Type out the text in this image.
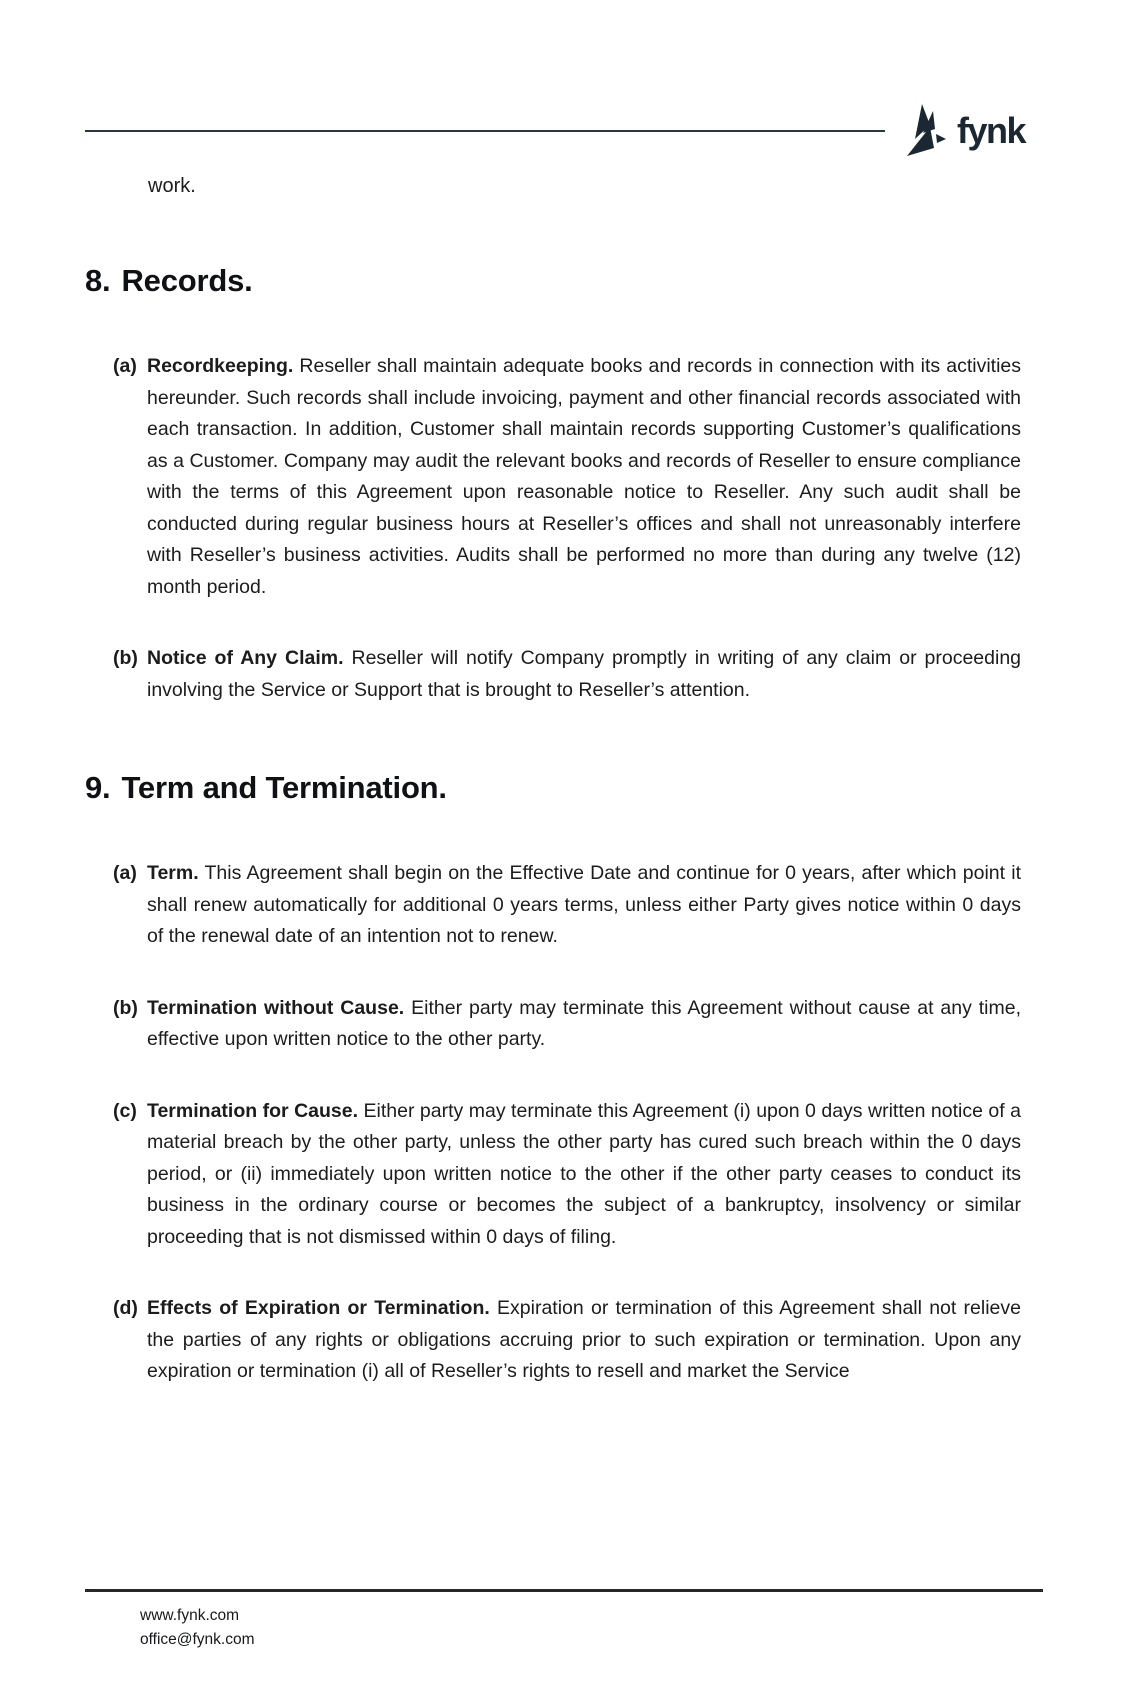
fynk

work.

8. Records.
(a) Recordkeeping. Reseller shall maintain adequate books and records in connection with its activities hereunder. Such records shall include invoicing, payment and other financial records associated with each transaction. In addition, Customer shall maintain records supporting Customer’s qualifications as a Customer. Company may audit the relevant books and records of Reseller to ensure compliance with the terms of this Agreement upon reasonable notice to Reseller. Any such audit shall be conducted during regular business hours at Reseller’s offices and shall not unreasonably interfere with Reseller’s business activities. Audits shall be performed no more than during any twelve (12) month period.
(b) Notice of Any Claim. Reseller will notify Company promptly in writing of any claim or proceeding involving the Service or Support that is brought to Reseller’s attention.
9. Term and Termination.
(a) Term. This Agreement shall begin on the Effective Date and continue for 0 years, after which point it shall renew automatically for additional 0 years terms, unless either Party gives notice within 0 days of the renewal date of an intention not to renew.
(b) Termination without Cause. Either party may terminate this Agreement without cause at any time, effective upon written notice to the other party.
(c) Termination for Cause. Either party may terminate this Agreement (i) upon 0 days written notice of a material breach by the other party, unless the other party has cured such breach within the 0 days period, or (ii) immediately upon written notice to the other if the other party ceases to conduct its business in the ordinary course or becomes the subject of a bankruptcy, insolvency or similar proceeding that is not dismissed within 0 days of filing.
(d) Effects of Expiration or Termination. Expiration or termination of this Agreement shall not relieve the parties of any rights or obligations accruing prior to such expiration or termination. Upon any expiration or termination (i) all of Reseller’s rights to resell and market the Service
www.fynk.com
office@fynk.com
